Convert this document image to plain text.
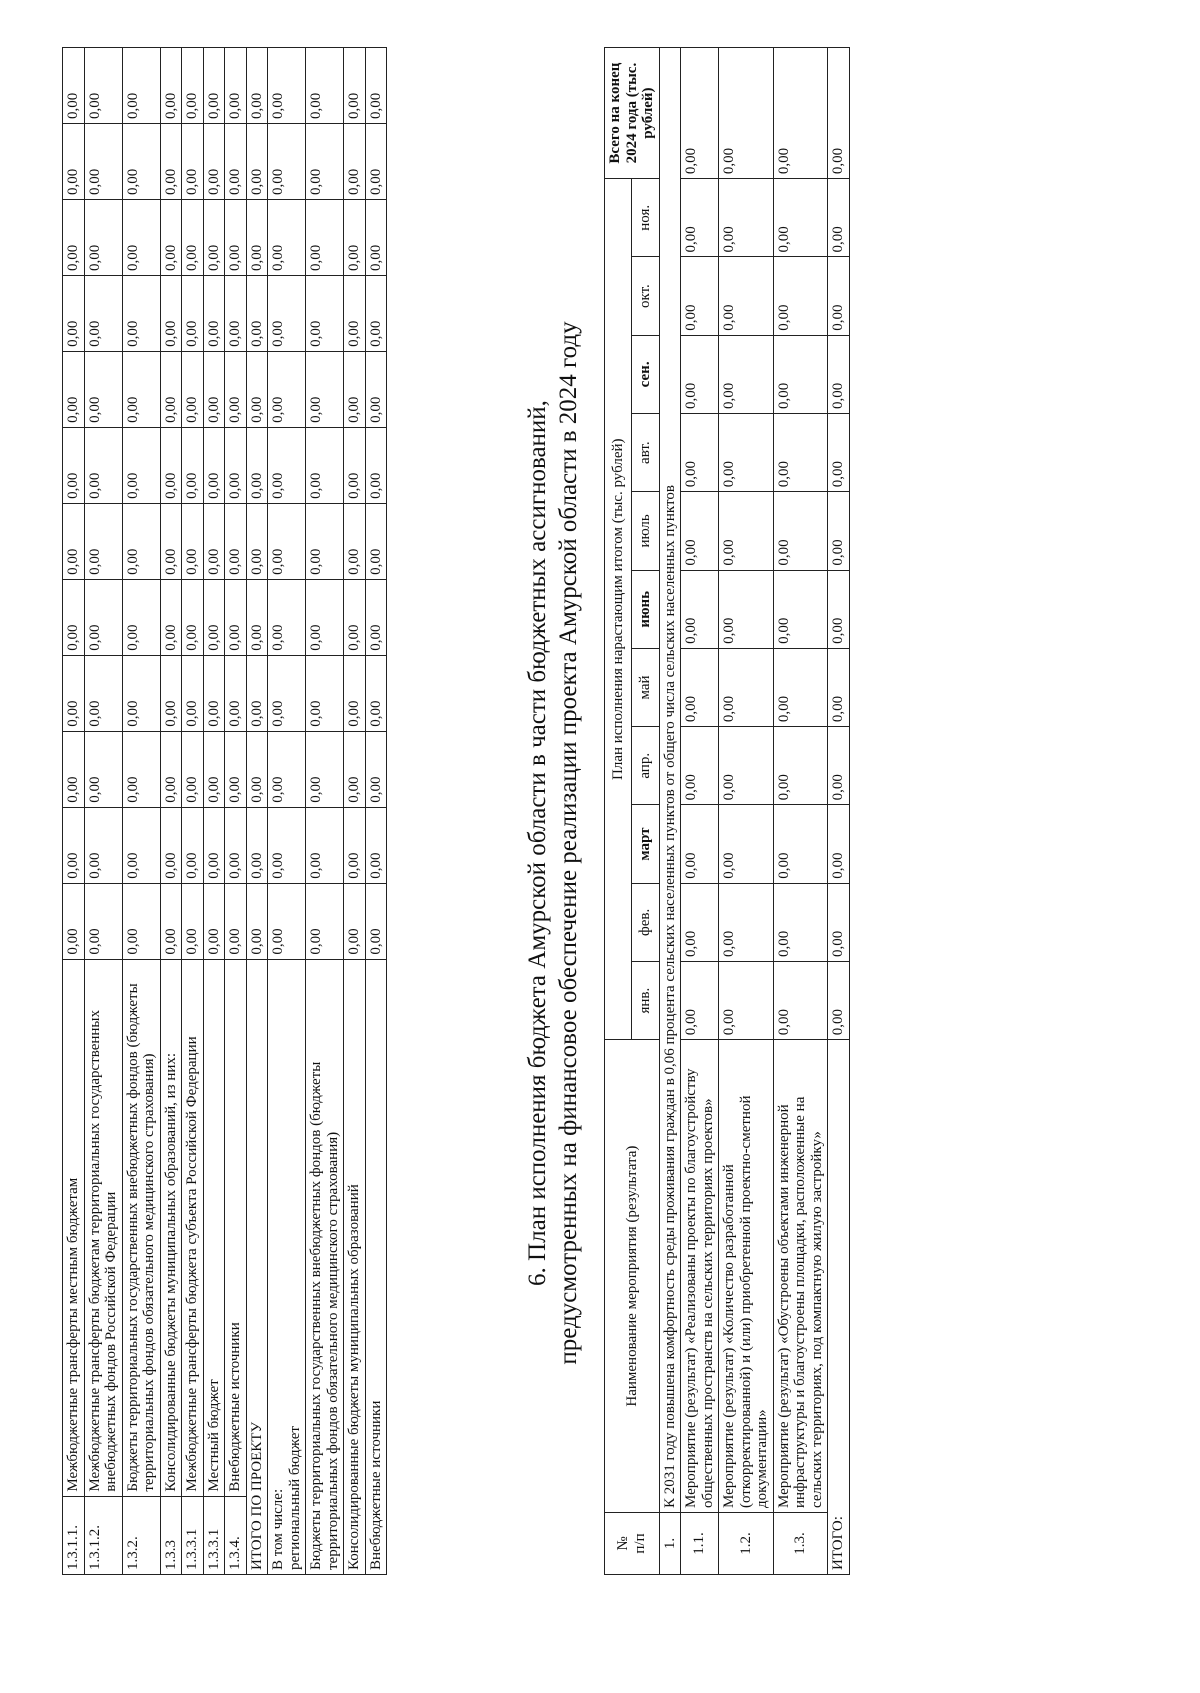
1.3.1.1.	Межбюджетные трансферты местным бюджетам	0,00	0,00	0,00	0,00	0,00	0,00	0,00	0,00	0,00	0,00	0,00	0,00
1.3.1.2.	Межбюджетные трансферты бюджетам территориальных государственных внебюджетных фондов Российской Федерации	0,00	0,00	0,00	0,00	0,00	0,00	0,00	0,00	0,00	0,00	0,00	0,00
1.3.2.	Бюджеты территориальных государственных внебюджетных фондов (бюджеты территориальных фондов обязательного медицинского страхования)	0,00	0,00	0,00	0,00	0,00	0,00	0,00	0,00	0,00	0,00	0,00	0,00
1.3.3	Консолидированные бюджеты муниципальных образований, из них:	0,00	0,00	0,00	0,00	0,00	0,00	0,00	0,00	0,00	0,00	0,00	0,00
1.3.3.1	Межбюджетные трансферты бюджета субъекта Российской Федерации	0,00	0,00	0,00	0,00	0,00	0,00	0,00	0,00	0,00	0,00	0,00	0,00
1.3.3.1	Местный бюджет	0,00	0,00	0,00	0,00	0,00	0,00	0,00	0,00	0,00	0,00	0,00	0,00
1.3.4.	Внебюджетные источники	0,00	0,00	0,00	0,00	0,00	0,00	0,00	0,00	0,00	0,00	0,00	0,00
ИТОГО ПО ПРОЕКТУ		0,00	0,00	0,00	0,00	0,00	0,00	0,00	0,00	0,00	0,00	0,00	0,00
В том числе:
региональный бюджет		0,00	0,00	0,00	0,00	0,00	0,00	0,00	0,00	0,00	0,00	0,00	0,00
Бюджеты территориальных государственных внебюджетных фондов (бюджеты территориальных фондов обязательного медицинского страхования)		0,00	0,00	0,00	0,00	0,00	0,00	0,00	0,00	0,00	0,00	0,00	0,00
Консолидированные бюджеты муниципальных образований		0,00	0,00	0,00	0,00	0,00	0,00	0,00	0,00	0,00	0,00	0,00	0,00
Внебюджетные источники		0,00	0,00	0,00	0,00	0,00	0,00	0,00	0,00	0,00	0,00	0,00	0,00
6. План исполнения бюджета Амурской области в части бюджетных ассигнований, предусмотренных на финансовое обеспечение реализации проекта Амурской области в 2024 году
№
п/п	Наименование мероприятия (результата)	План исполнения нарастающим итогом (тыс. рублей)											Всего на конец 2024 года (тыс. рублей)
		янв.	фев.	март	апр.	май	июнь	июль	авт.	сен.	окт.	ноя.	
1.	К 2031 году повышена комфортность среды проживания граждан в 0,06 процента сельских населенных пунктов от общего числа сельских населенных пунктов												
1.1.	Мероприятие (результат) «Реализованы проекты по благоустройству общественных пространств на сельских территориях проектов»	0,00	0,00	0,00	0,00	0,00	0,00	0,00	0,00	0,00	0,00	0,00	0,00
1.2.	Мероприятие (результат) «Количество разработанной (откорректированной) и (или) приобретенной проектно-сметной документации»	0,00	0,00	0,00	0,00	0,00	0,00	0,00	0,00	0,00	0,00	0,00	0,00
1.3.	Мероприятие (результат) «Обустроены объектами инженерной инфраструктуры и благоустроены площадки, расположенные на сельских территориях, под компактную жилую застройку»	0,00	0,00	0,00	0,00	0,00	0,00	0,00	0,00	0,00	0,00	0,00	0,00
ИТОГО:		0,00	0,00	0,00	0,00	0,00	0,00	0,00	0,00	0,00	0,00	0,00	0,00
